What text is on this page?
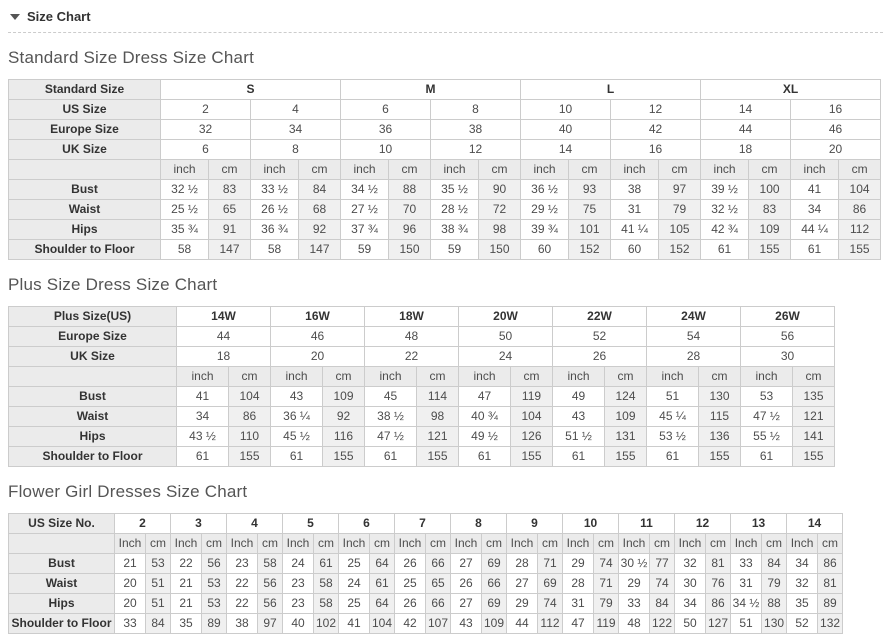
Size Chart
Standard Size Dress Size Chart
Standard Size	S				M				L				XL			
US Size	2		4		6		8		10		12		14		16	
Europe Size	32		34		36		38		40		42		44		46	
UK Size	6		8		10		12		14		16		18		20	
	inch	cm	inch	cm	inch	cm	inch	cm	inch	cm	inch	cm	inch	cm	inch	cm
Bust	32 ½	83	33 ½	84	34 ½	88	35 ½	90	36 ½	93	38	97	39 ½	100	41	104
Waist	25 ½	65	26 ½	68	27 ½	70	28 ½	72	29 ½	75	31	79	32 ½	83	34	86
Hips	35 ¾	91	36 ¾	92	37 ¾	96	38 ¾	98	39 ¾	101	41 ¼	105	42 ¾	109	44 ¼	112
Shoulder to Floor	58	147	58	147	59	150	59	150	60	152	60	152	61	155	61	155
Plus Size Dress Size Chart
Plus Size(US)	14W		16W		18W		20W		22W		24W		26W	
Europe Size	44		46		48		50		52		54		56	
UK Size	18		20		22		24		26		28		30	
	inch	cm	inch	cm	inch	cm	inch	cm	inch	cm	inch	cm	inch	cm
Bust	41	104	43	109	45	114	47	119	49	124	51	130	53	135
Waist	34	86	36 ¼	92	38 ½	98	40 ¾	104	43	109	45 ¼	115	47 ½	121
Hips	43 ½	110	45 ½	116	47 ½	121	49 ½	126	51 ½	131	53 ½	136	55 ½	141
Shoulder to Floor	61	155	61	155	61	155	61	155	61	155	61	155	61	155
Flower Girl Dresses Size Chart
US Size No.	2		3		4		5		6		7		8		9		10		11		12		13		14	
	Inch	cm	Inch	cm	Inch	cm	Inch	cm	Inch	cm	Inch	cm	Inch	cm	Inch	cm	Inch	cm	Inch	cm	Inch	cm	Inch	cm	Inch	cm
Bust	21	53	22	56	23	58	24	61	25	64	26	66	27	69	28	71	29	74	30 ½	77	32	81	33	84	34	86
Waist	20	51	21	53	22	56	23	58	24	61	25	65	26	66	27	69	28	71	29	74	30	76	31	79	32	81
Hips	20	51	21	53	22	56	23	58	25	64	26	66	27	69	29	74	31	79	33	84	34	86	34 ½	88	35	89
Shoulder to Floor	33	84	35	89	38	97	40	102	41	104	42	107	43	109	44	112	47	119	48	122	50	127	51	130	52	132
